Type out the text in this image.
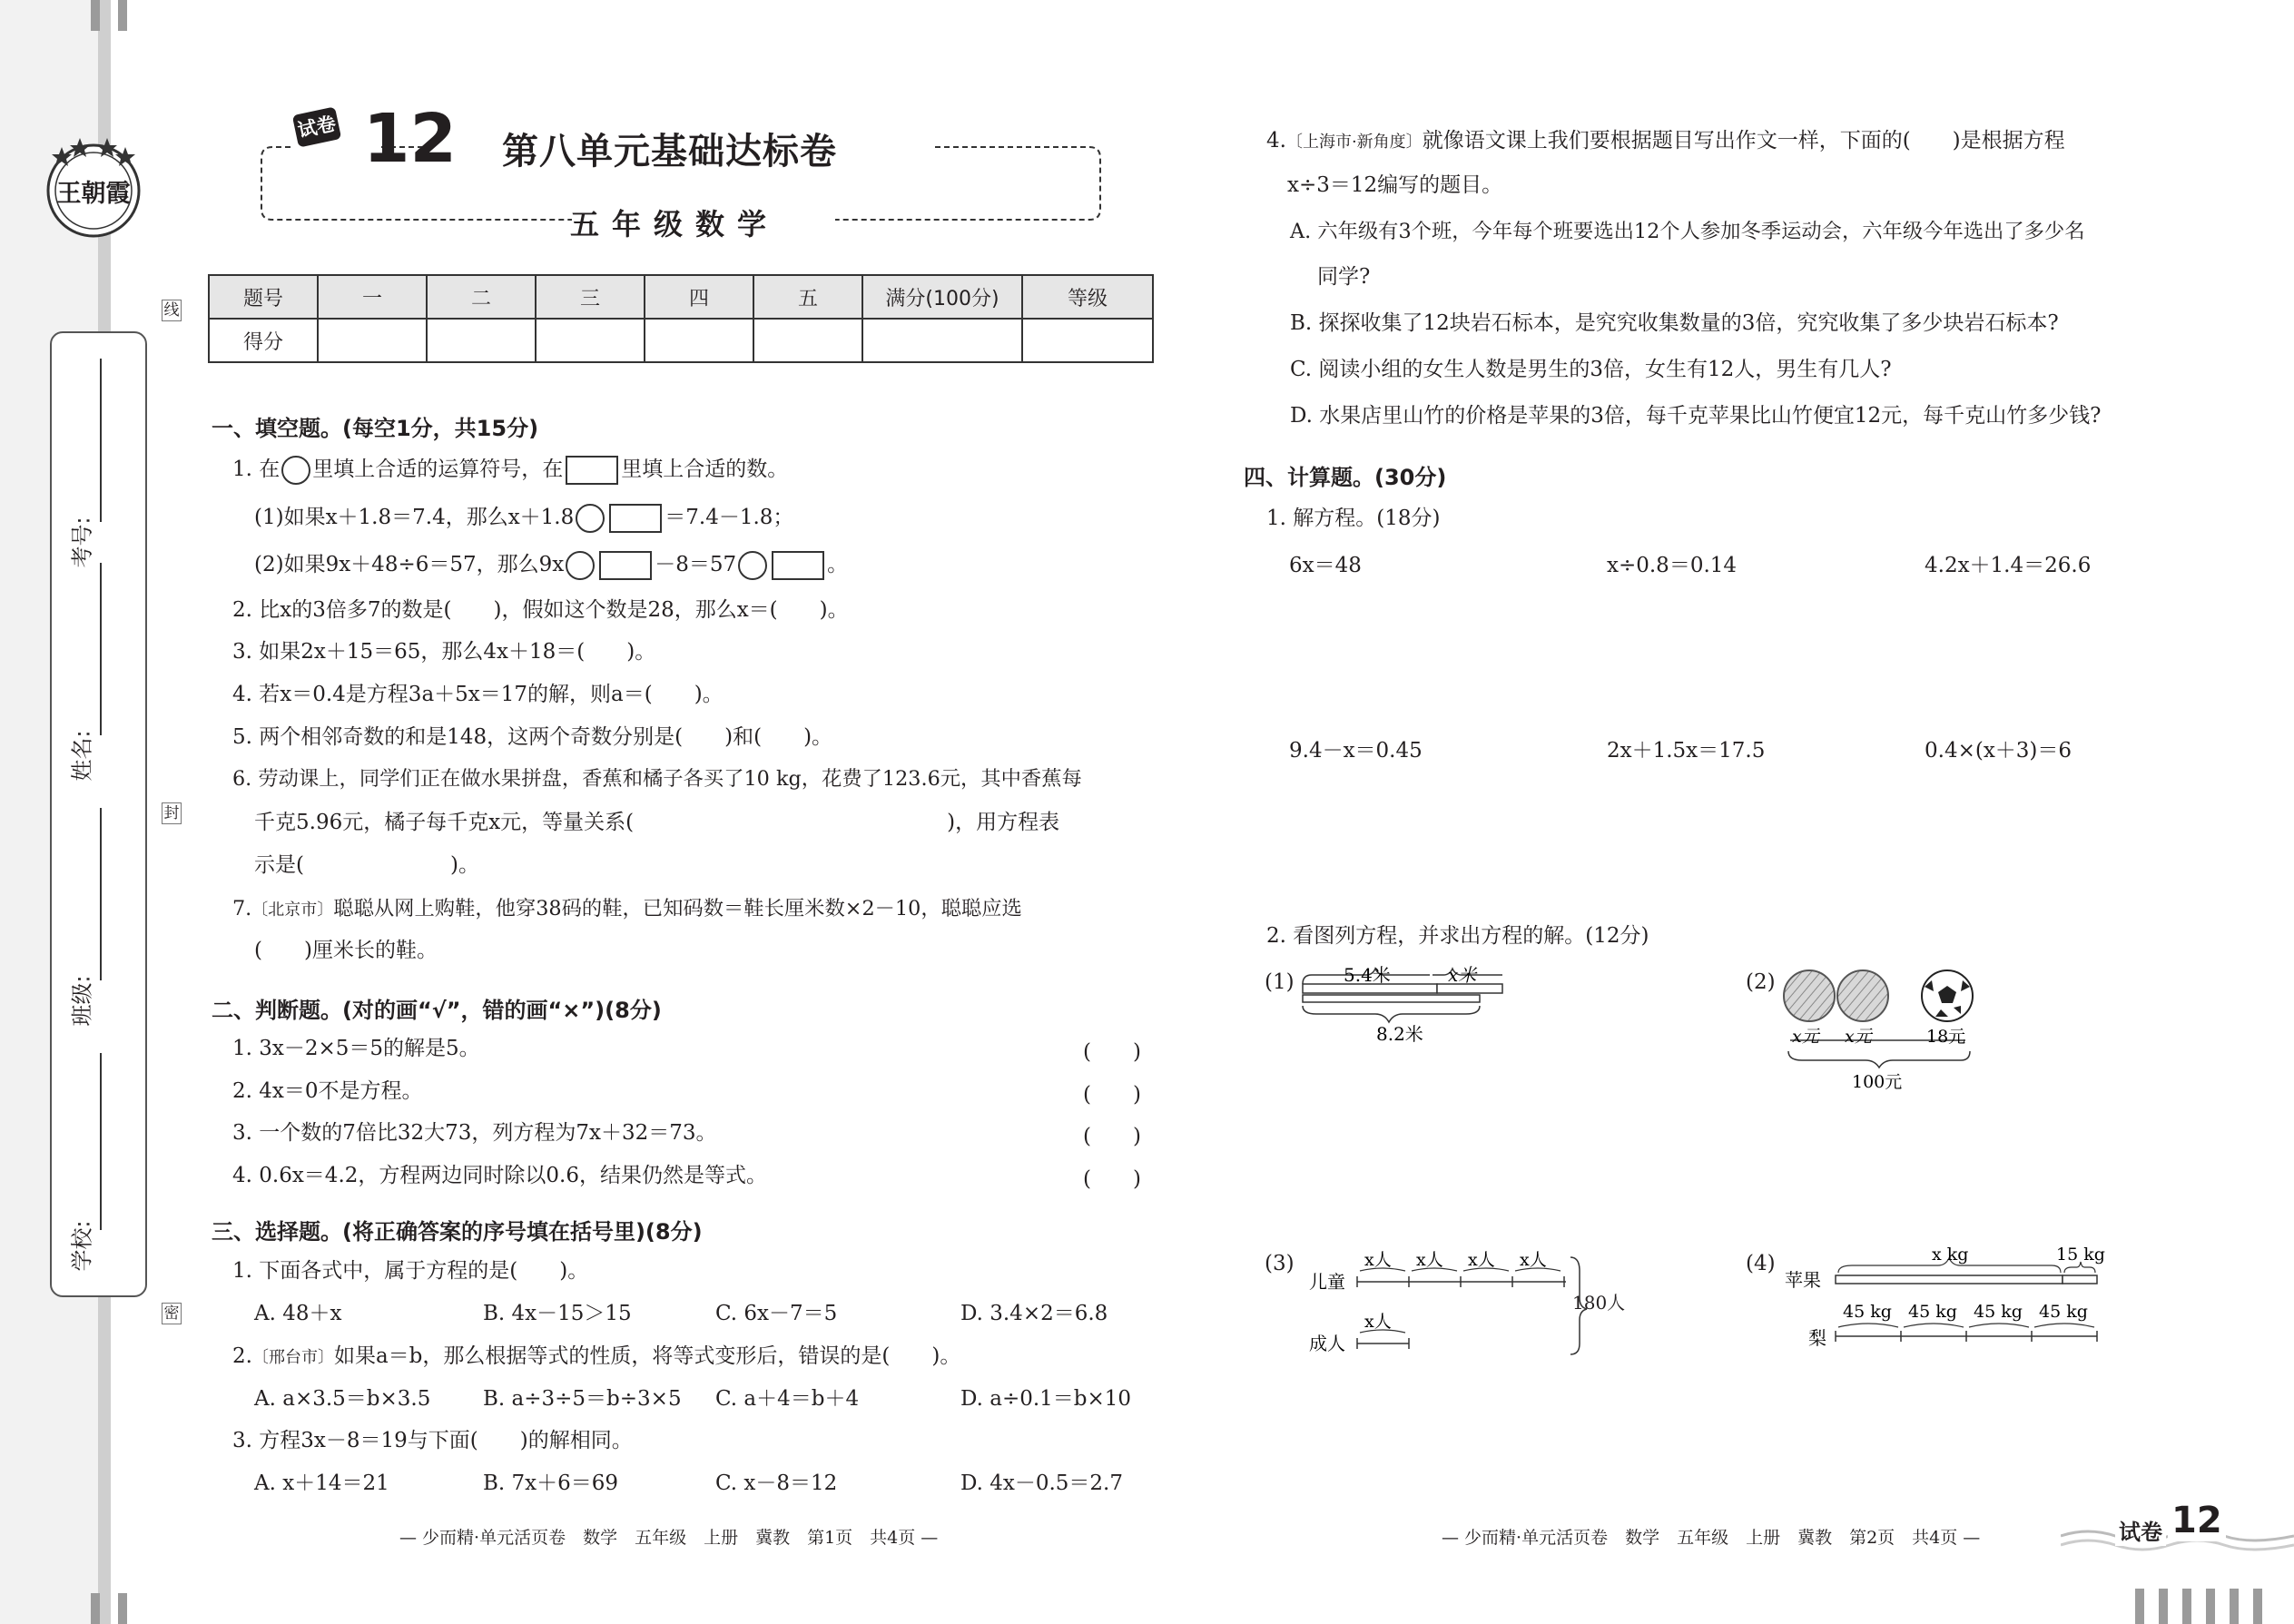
王朝霞
学校:
班级:
姓名:
考号:
线
封
密
试卷 12 第八单元基础达标卷
五年级数学
题号	一	二	三	四	五	满分(100分)	等级
得分							
一、填空题。(每空1分，共15分)
1. 在 里填上合适的运算符号，在	里填上合适的数。
(1)如果x＋1.8＝7.4，那么x＋1.8	＝7.4－1.8；
(2)如果9x＋48÷6＝57，那么9x	－8＝57	。
2. 比x的3倍多7的数是(　　)，假如这个数是28，那么x＝(　　)。
3. 如果2x＋15＝65，那么4x＋18＝(　　)。
4. 若x＝0.4是方程3a＋5x＝17的解，则a＝(　　)。
5. 两个相邻奇数的和是148，这两个奇数分别是(　　)和(　　)。
6. 劳动课上，同学们正在做水果拼盘，香蕉和橘子各买了10 kg，花费了123.6元，其中香蕉每
千克5.96元，橘子每千克x元，等量关系(　　　　　　　　　　　　　　　)，用方程表
示是(　　　　　　　)。
7.〔北京市〕聪聪从网上购鞋，他穿38码的鞋，已知码数＝鞋长厘米数×2－10，聪聪应选
(　　)厘米长的鞋。
二、判断题。(对的画“√”，错的画“×”)(8分)
1. 3x－2×5＝5的解是5。	(　　)
2. 4x＝0不是方程。	(　　)
3. 一个数的7倍比32大73，列方程为7x＋32＝73。	(　　)
4. 0.6x＝4.2，方程两边同时除以0.6，结果仍然是等式。	(　　)
三、选择题。(将正确答案的序号填在括号里)(8分)
1. 下面各式中，属于方程的是(　　)。
A. 48＋x	B. 4x－15＞15	C. 6x－7＝5	D. 3.4×2＝6.8
2.〔邢台市〕如果a＝b，那么根据等式的性质，将等式变形后，错误的是(　　)。
A. a×3.5＝b×3.5	B. a÷3÷5＝b÷3×5 C. a＋4＝b＋4	D. a÷0.1＝b×10
3. 方程3x－8＝19与下面(　　)的解相同。
A. x＋14＝21	B. 7x＋6＝69	C. x－8＝12	D. 4x－0.5＝2.7
— 少而精·单元活页卷　数学　五年级　上册　冀教　第1页　共4页 —
4.〔上海市·新角度〕就像语文课上我们要根据题目写出作文一样，下面的(　　)是根据方程
x÷3＝12编写的题目。
A. 六年级有3个班，今年每个班要选出12个人参加冬季运动会，六年级今年选出了多少名
同学?
B. 探探收集了12块岩石标本，是究究收集数量的3倍，究究收集了多少块岩石标本?
C. 阅读小组的女生人数是男生的3倍，女生有12人，男生有几人?
D. 水果店里山竹的价格是苹果的3倍，每千克苹果比山竹便宜12元，每千克山竹多少钱?
四、计算题。(30分)
1. 解方程。(18分)
6x＝48	x÷0.8＝0.14	4.2x＋1.4＝26.6
9.4－x＝0.45	2x＋1.5x＝17.5	0.4×(x＋3)＝6
2. 看图列方程，并求出方程的解。(12分)
(1)	5.4米	x米
8.2米
(2)
x元 x元	18元
100元
(3)
儿童
成人
x人 x人 x人 x人
x人
180人
(4)
苹果
梨
x kg	15 kg
45 kg 45 kg 45 kg 45 kg
— 少而精·单元活页卷　数学　五年级　上册　冀教　第2页　共4页 —	试卷 12
